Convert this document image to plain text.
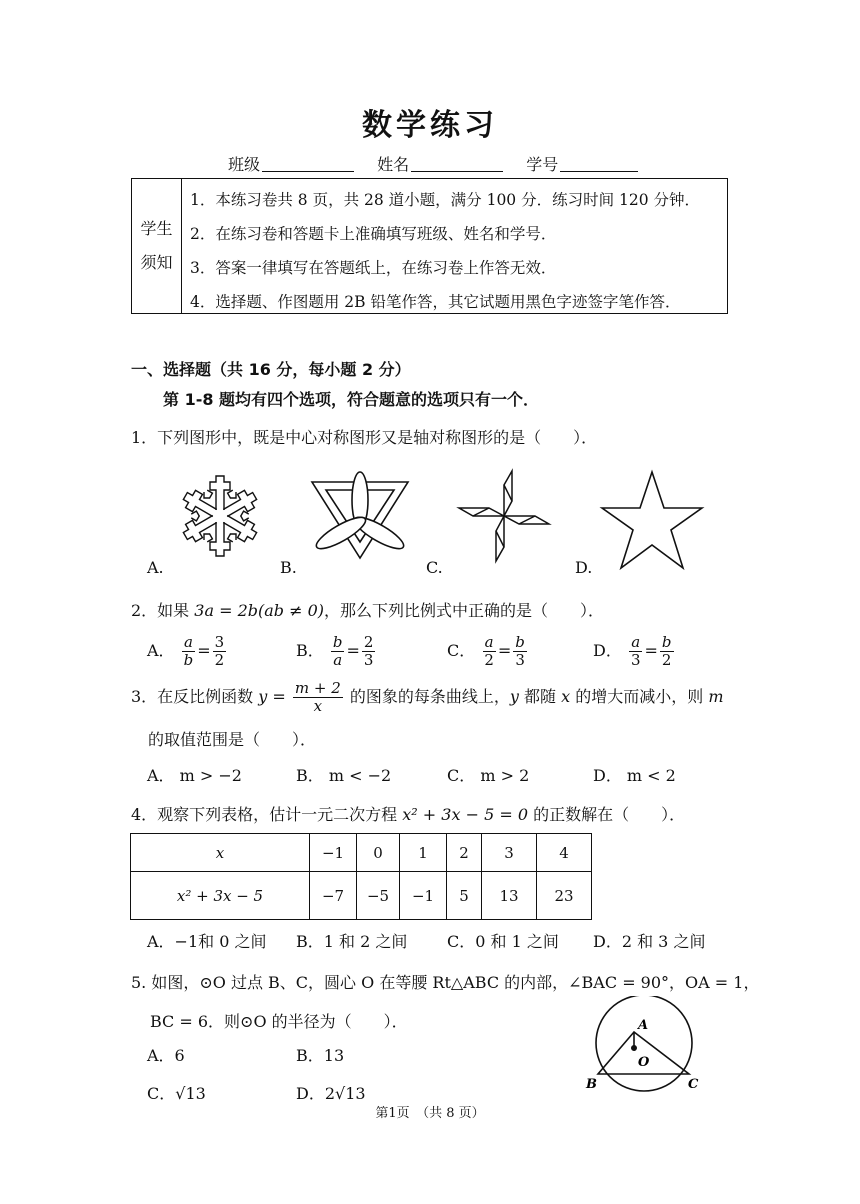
数学练习
班级	姓名	学号
学生
须知
1．本练习卷共 8 页，共 28 道小题，满分 100 分．练习时间 120 分钟．
2．在练习卷和答题卡上准确填写班级、姓名和学号．
3．答案一律填写在答题纸上，在练习卷上作答无效．
4．选择题、作图题用 2B 铅笔作答，其它试题用黑色字迹签字笔作答．
一、选择题（共 16 分，每小题 2 分）
第 1-8 题均有四个选项，符合题意的选项只有一个．
1．下列图形中，既是中心对称图形又是轴对称图形的是（　　）．
A.	B.	C.	D.
2．如果 3a = 2b(ab ≠ 0)，那么下列比例式中正确的是（　　）．
A． $\frac{a}{b} = \frac{3}{2}$	B． $\frac{b}{a} = \frac{2}{3}$	C． $\frac{a}{2} = \frac{b}{3}$	D． $\frac{a}{3} = \frac{b}{2}$
3．在反比例函数 $y = \frac{m + 2}{x}$ 的图象的每条曲线上，y 都随 x 的增大而减小，则 m
的取值范围是（　　）．
A． m > −2	B． m < −2	C． m > 2	D． m < 2
4．观察下列表格，估计一元二次方程 x² + 3x − 5 = 0 的正数解在（　　）．
x	−1	0	1	2	3	4
x² + 3x − 5	−7	−5	−1	5	13	23
A．−1和 0 之间 B．1 和 2 之间 C．0 和 1 之间 D．2 和 3 之间
5. 如图，⊙O 过点 B、C，圆心 O 在等腰 Rt△ABC 的内部，∠BAC = 90°，OA = 1，
BC = 6．则⊙O 的半径为（　　）．
A．6	B．13
C．√13	D．2√13
A
O
B	C
第1页　（共 8 页）
